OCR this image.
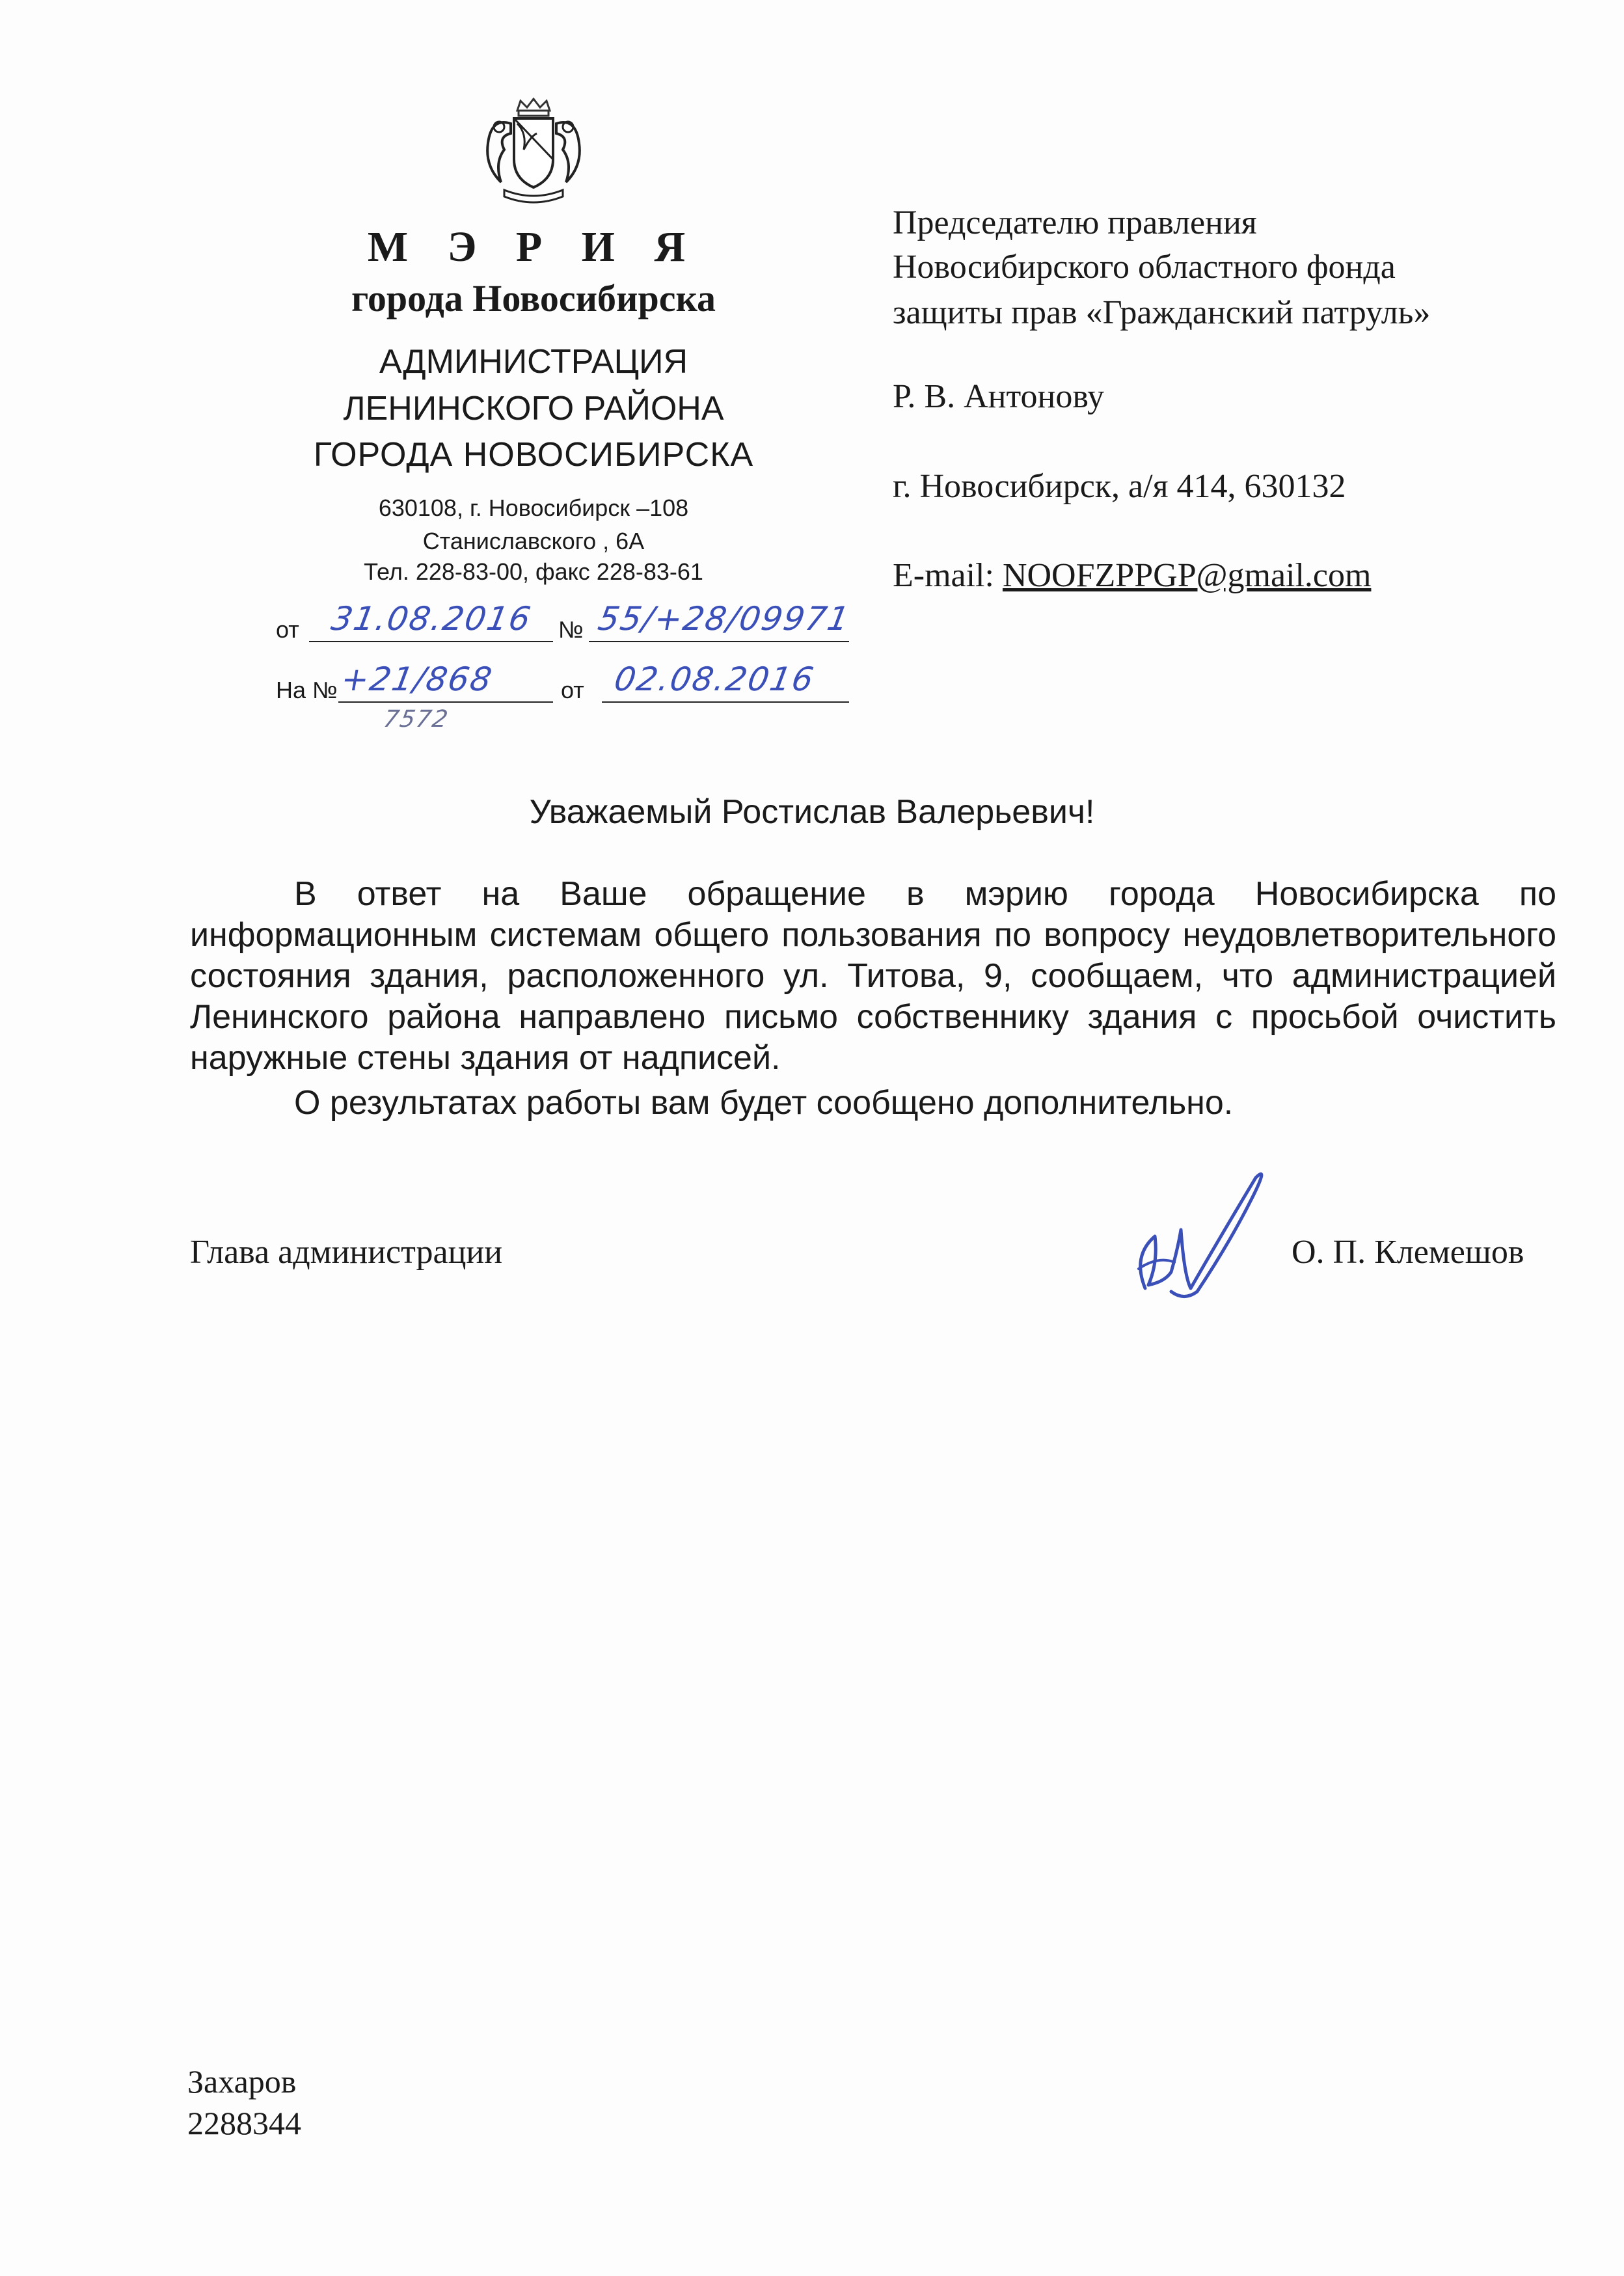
М Э Р И Я
города Новосибирска
АДМИНИСТРАЦИЯ
ЛЕНИНСКОГО РАЙОНА
ГОРОДА НОВОСИБИРСКА
630108, г. Новосибирск –108
Станиславского , 6А
Тел. 228-83-00, факс 228-83-61
от 31.08.2016 № 55/+28/09971
На № +21/868
7572
от 02.08.2016

Председателю правления

Новосибирского областного фонда

защиты прав «Гражданский патруль»

Р. В. Антонову

г. Новосибирск, а/я 414, 630132

E-mail: NOOFZPPGP@gmail.com

Уважаемый Ростислав Валерьевич!

В ответ на Ваше обращение в мэрию города Новосибирска по информационным системам общего пользования по вопросу неудовлетворительного состояния здания, расположенного ул. Титова, 9, сообщаем, что администрацией Ленинского района направлено письмо собственнику здания с просьбой очистить наружные стены здания от надписей.

О результатах работы вам будет сообщено дополнительно.

Глава администрации	О. П. Клемешов

Захаров

2288344
